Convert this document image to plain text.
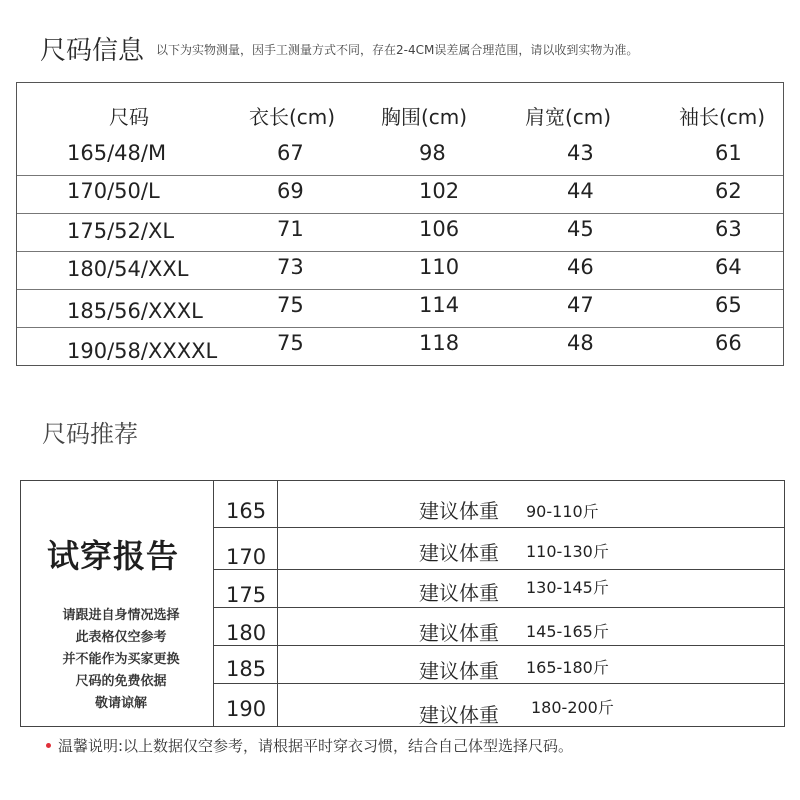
尺码信息 以下为实物测量，因手工测量方式不同，存在2-4CM误差属合理范围，请以收到实物为准。
尺码	衣长(cm) 胸围(cm)	肩宽(cm)	袖长(cm)
165/48/M	67	98	43	61
170/50/L	69	102	44	62
175/52/XL	71	106	45	63
180/54/XXL	73	110	46	64
185/56/XXXL	75	114	47	65
190/58/XXXXL	75	118	48	66
尺码推荐
试穿报告
请跟进自身情况选择
此表格仅空参考
并不能作为买家更换
尺码的免费依据
敬请谅解
165	建议体重 90-110斤
170	建议体重 110-130斤
175	建议体重 130-145斤
180	建议体重 145-165斤
185	建议体重 165-180斤
190	建议体重 180-200斤
温馨说明:以上数据仅空参考，请根据平时穿衣习惯，结合自己体型选择尺码。
